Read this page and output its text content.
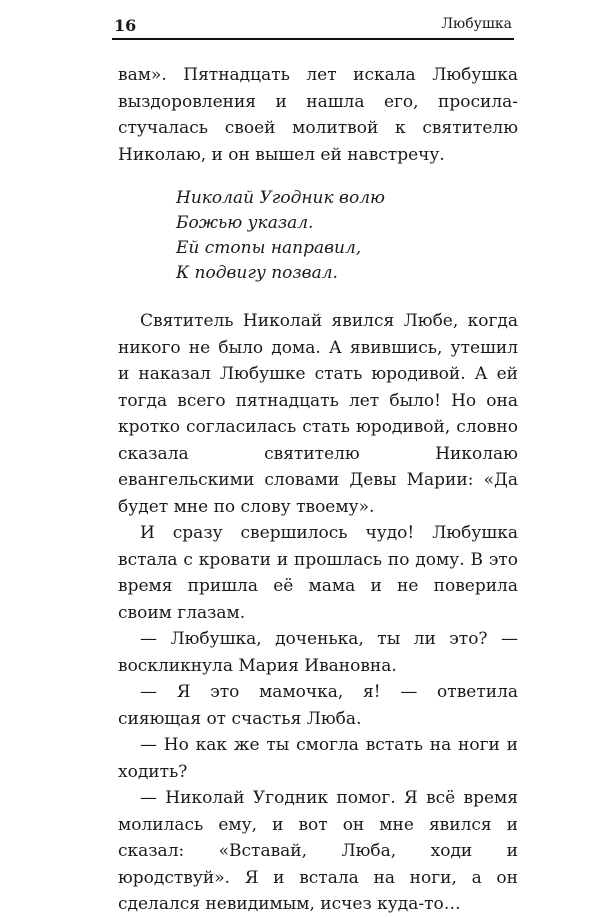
16	Любушка

вам». Пятнадцать лет искала Любушка выздоровления и нашла его, просила-стучалась своей молитвой к святителю Николаю, и он вышел ей навстречу.

Николай Угодник волю
Божью указал.
Ей стопы направил,
К подвигу позвал.

Святитель Николай явился Любе, когда никого не было дома. А явившись, утешил и наказал Любушке стать юродивой. А ей тогда всего пятнадцать лет было! Но она кротко согласилась стать юродивой, словно сказала святителю Николаю евангельскими словами Девы Марии: «Да будет мне по слову твоему».

И сразу свершилось чудо! Любушка встала с кровати и прошлась по дому. В это время пришла её мама и не поверила своим глазам.

— Любушка, доченька, ты ли это? — воскликнула Мария Ивановна.

— Я это мамочка, я! — ответила сияющая от счастья Люба.

— Но как же ты смогла встать на ноги и ходить?

— Николай Угодник помог. Я всё время молилась ему, и вот он мне явился и сказал: «Вставай, Люба, ходи и юродствуй». Я и встала на ноги, а он сделался невидимым, исчез куда-то…
